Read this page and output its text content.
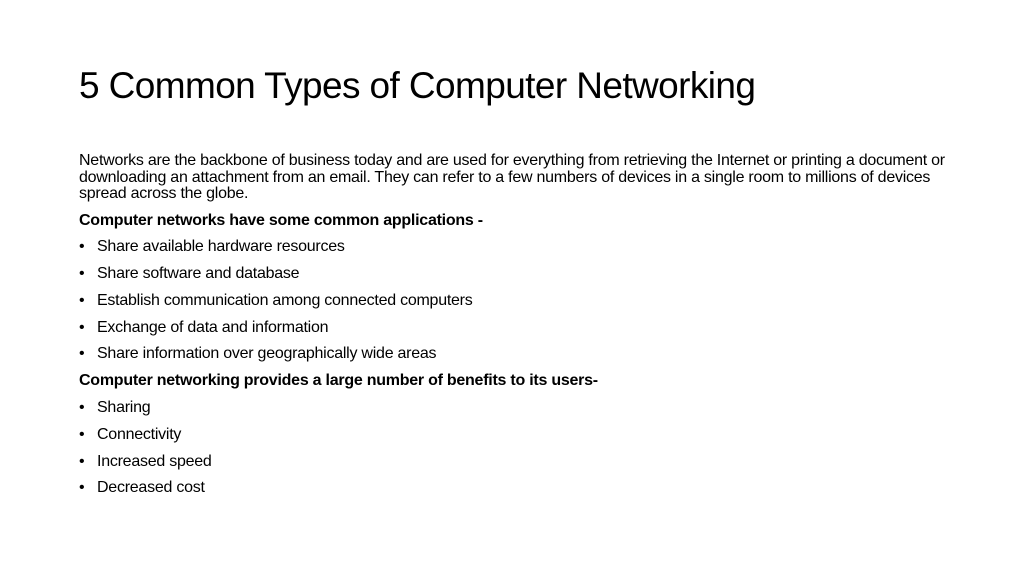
5 Common Types of Computer Networking

Networks are the backbone of business today and are used for everything from retrieving the Internet or printing a document or downloading an attachment from an email. They can refer to a few numbers of devices in a single room to millions of devices spread across the globe.

Computer networks have some common applications -

• Share available hardware resources
• Share software and database
• Establish communication among connected computers
• Exchange of data and information
• Share information over geographically wide areas

Computer networking provides a large number of benefits to its users-

• Sharing
• Connectivity
• Increased speed
• Decreased cost
